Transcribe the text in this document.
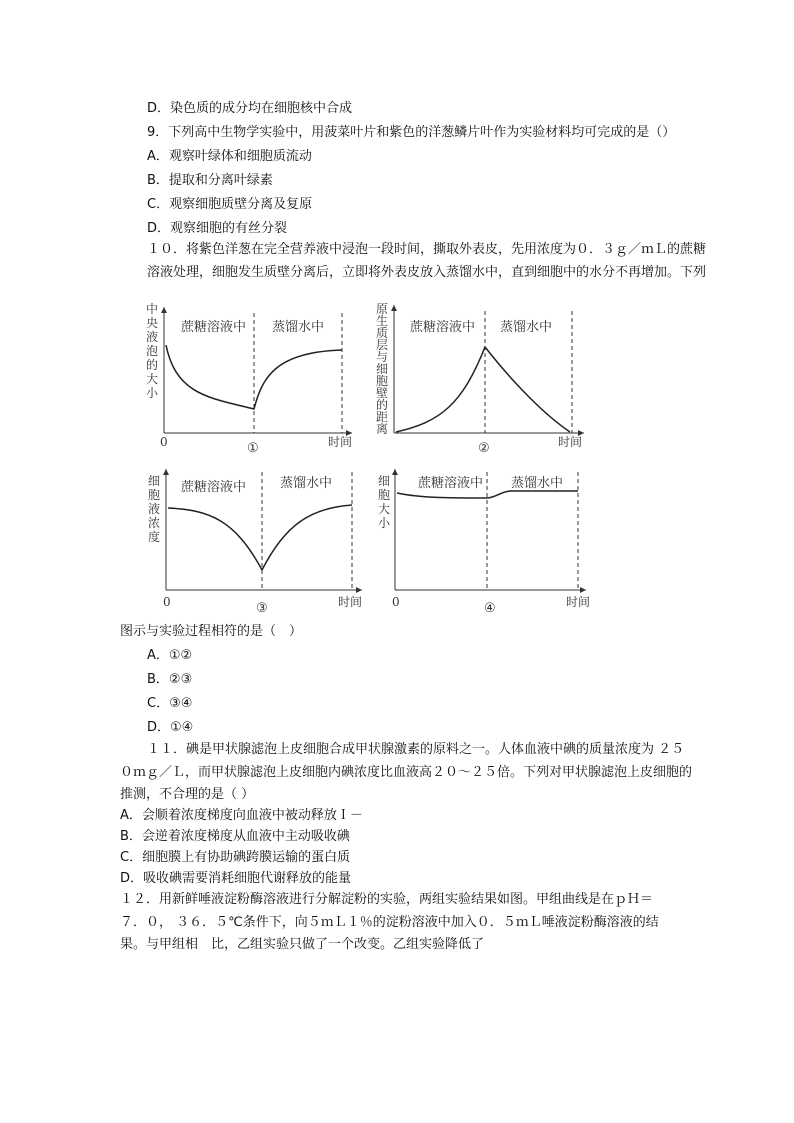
D．染色质的成分均在细胞核中合成
9．下列高中生物学实验中，用菠菜叶片和紫色的洋葱鳞片叶作为实验材料均可完成的是（）
A．观察叶绿体和细胞质流动
B．提取和分离叶绿素
C．观察细胞质壁分离及复原
D．观察细胞的有丝分裂
１０．将紫色洋葱在完全营养液中浸泡一段时间，撕取外表皮，先用浓度为０．３ｇ／ｍＬ的蔗糖
溶液处理，细胞发生质壁分离后，立即将外表皮放入蒸馏水中，直到细胞中的水分不再增加。下列
蔗糖溶液中 蒸馏水中
0	时间
①
中
央
液
泡
的
大
小
蔗糖溶液中 蒸馏水中
时间
②
原
生
质
层
与
细
胞
壁
的
距
离
蔗糖溶液中	蒸馏水中
0	时间
③
细
胞
液
浓
度
蔗糖溶液中 蒸馏水中
0	时间
④
细
胞
大
小
图示与实验过程相符的是（　）
A．①②
B．②③
C．③④
D．①④
１１．碘是甲状腺滤泡上皮细胞合成甲状腺激素的原料之一。人体血液中碘的质量浓度为 ２５
０ｍｇ／Ｌ，而甲状腺滤泡上皮细胞内碘浓度比血液高２０～２５倍。下列对甲状腺滤泡上皮细胞的
推测，不合理的是（ ）
A．会顺着浓度梯度向血液中被动释放Ｉ－
B．会逆着浓度梯度从血液中主动吸收碘
C．细胞膜上有协助碘跨膜运输的蛋白质
D．吸收碘需要消耗细胞代谢释放的能量
１２．用新鲜唾液淀粉酶溶液进行分解淀粉的实验，两组实验结果如图。甲组曲线是在ｐＨ＝
７．０， ３６．５℃条件下，向５ｍＬ１％的淀粉溶液中加入０．５ｍＬ唾液淀粉酶溶液的结
果。与甲组相　比，乙组实验只做了一个改变。乙组实验降低了
